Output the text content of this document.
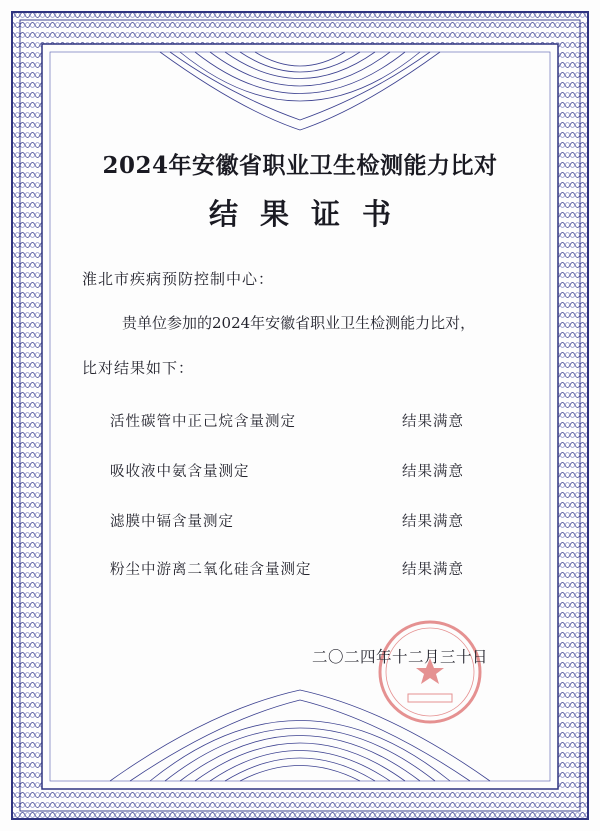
2024年安徽省职业卫生检测能力比对
结果证书
淮北市疾病预防控制中心：
贵单位参加的2024年安徽省职业卫生检测能力比对，
比对结果如下：
活性碳管中正己烷含量测定	结果满意
吸收液中氨含量测定	结果满意
滤膜中镉含量测定	结果满意
粉尘中游离二氧化硅含量测定	结果满意
二〇二四年十二月三十日
